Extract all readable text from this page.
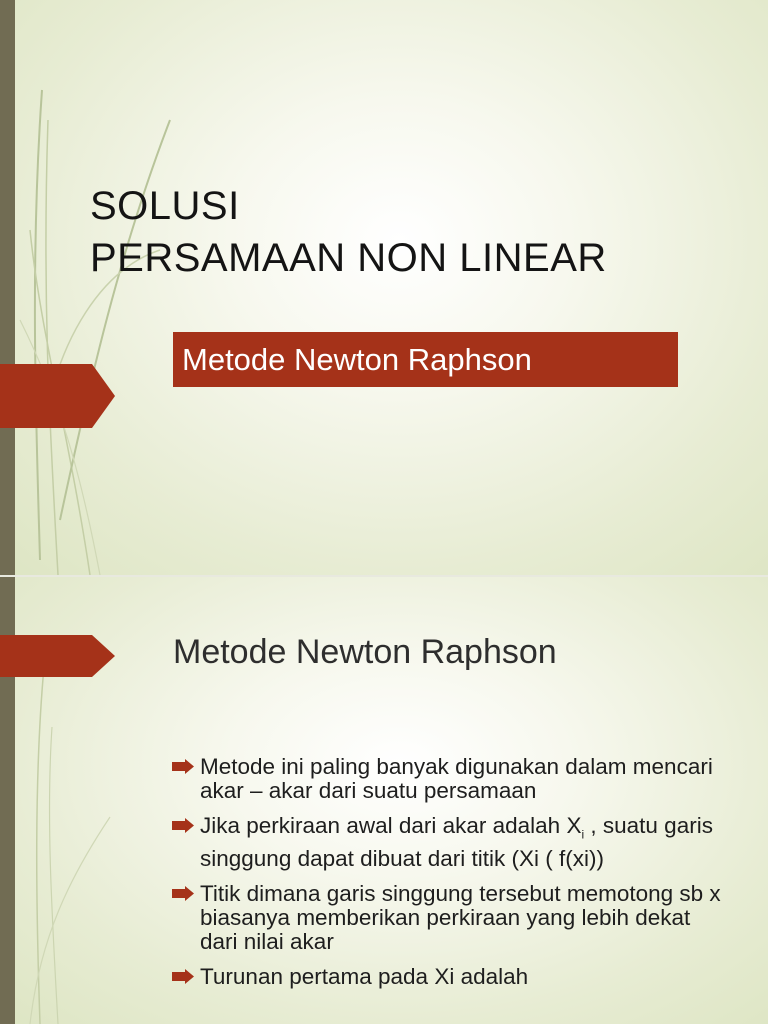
SOLUSI
PERSAMAAN NON LINEAR
Metode Newton Raphson
Metode Newton Raphson
Metode ini paling banyak digunakan dalam mencari akar – akar dari suatu persamaan
Jika perkiraan awal dari akar adalah $X_i$ , suatu garis singgung dapat dibuat dari titik (Xi ( f(xi))
Titik dimana garis singgung tersebut memotong sb x biasanya memberikan perkiraan yang lebih dekat dari nilai akar
Turunan pertama pada Xi adalah
